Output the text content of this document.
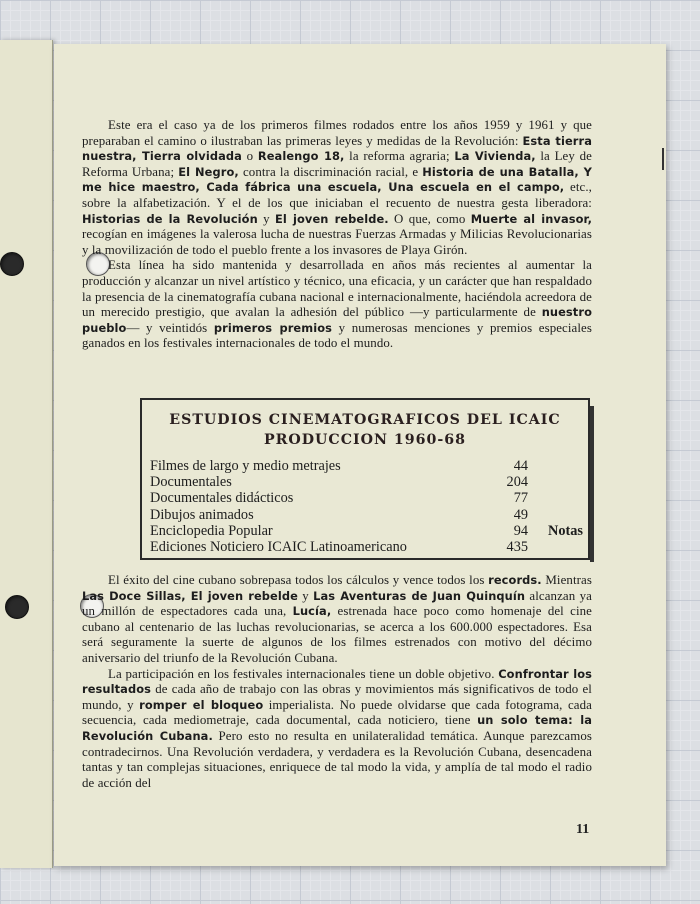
Este era el caso ya de los primeros filmes rodados entre los años 1959 y 1961 y que preparaban el camino o ilustraban las primeras leyes y medidas de la Revolución: Esta tierra nuestra, Tierra olvidada o Realengo 18, la reforma agraria; La Vivienda, la Ley de Reforma Urbana; El Negro, contra la discriminación racial, e Historia de una Batalla, Y me hice maestro, Cada fábrica una escuela, Una escuela en el campo, etc., sobre la alfabetización. Y el de los que iniciaban el recuento de nuestra gesta liberadora: Historias de la Revolución y El joven rebelde. O que, como Muerte al invasor, recogían en imágenes la valerosa lucha de nuestras Fuerzas Armadas y Milicias Revolucionarias y la movilización de todo el pueblo frente a los invasores de Playa Girón.

Esta línea ha sido mantenida y desarrollada en años más recientes al aumentar la producción y alcanzar un nivel artístico y técnico, una eficacia, y un carácter que han respaldado la presencia de la cinematografía cubana nacional e internacionalmente, haciéndola acreedora de un merecido prestigio, que avalan la adhesión del público —y particularmente de nuestro pueblo— y veintidós primeros premios y numerosas menciones y premios especiales ganados en los festivales internacionales de todo el mundo.

ESTUDIOS CINEMATOGRAFICOS DEL ICAIC
PRODUCCION 1960-68
Filmes de largo y medio metrajes	44
Documentales	204
Documentales didácticos	77
Dibujos animados	49
Enciclopedia Popular	94 Notas
Ediciones Noticiero ICAIC Latinoamericano	435

El éxito del cine cubano sobrepasa todos los cálculos y vence todos los records. Mientras Las Doce Sillas, El joven rebelde y Las Aventuras de Juan Quinquín alcanzan ya un millón de espectadores cada una, Lucía, estrenada hace poco como homenaje del cine cubano al centenario de las luchas revolucionarias, se acerca a los 600.000 espectadores. Esa será seguramente la suerte de algunos de los filmes estrenados con motivo del décimo aniversario del triunfo de la Revolución Cubana.

La participación en los festivales internacionales tiene un doble objetivo. Confrontar los resultados de cada año de trabajo con las obras y movimientos más significativos de todo el mundo, y romper el bloqueo imperialista. No puede olvidarse que cada fotograma, cada secuencia, cada mediometraje, cada documental, cada noticiero, tiene un solo tema: la Revolución Cubana. Pero esto no resulta en unilateralidad temática. Aunque parezcamos contradecirnos. Una Revolución verdadera, y verdadera es la Revolución Cubana, desencadena tantas y tan complejas situaciones, enriquece de tal modo la vida, y amplía de tal modo el radio de acción del

11
